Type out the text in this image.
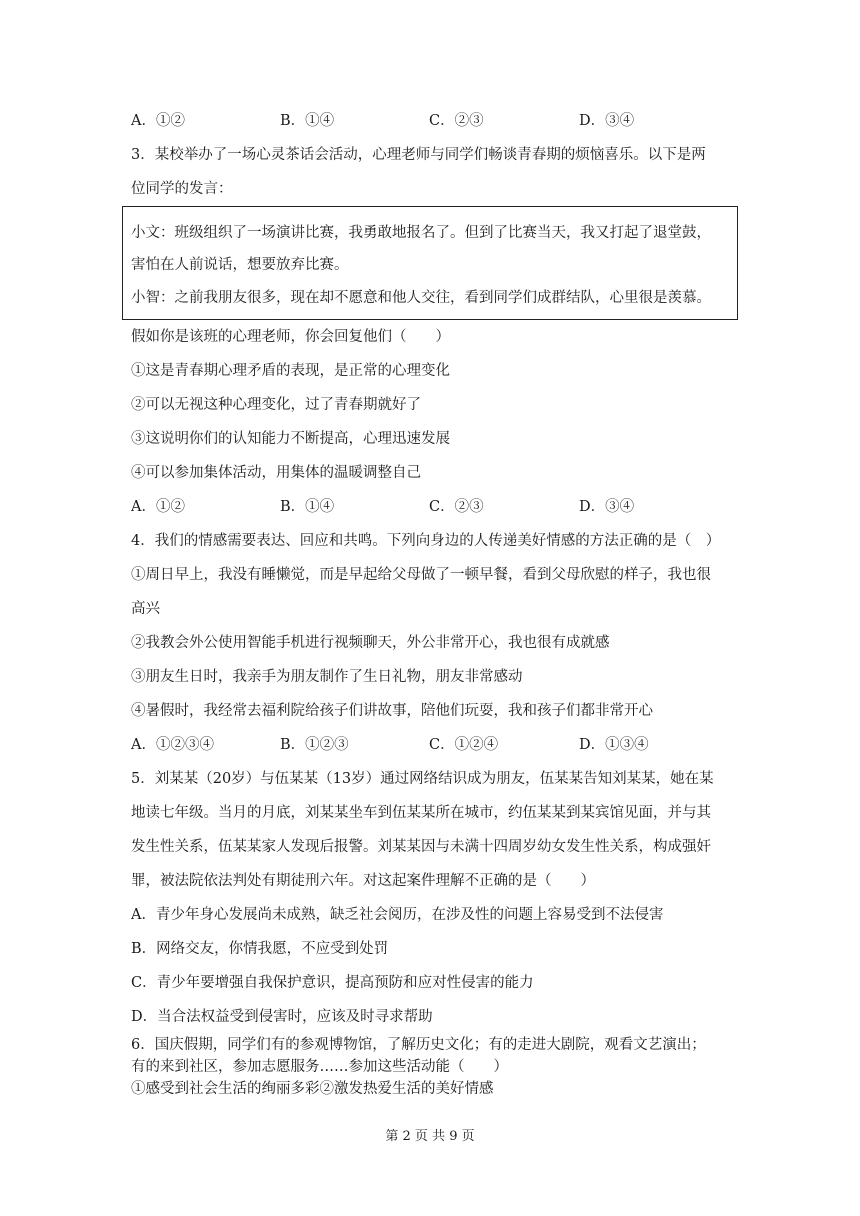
A．①②	B．①④	C．②③	D．③④
3．某校举办了一场心灵茶话会活动，心理老师与同学们畅谈青春期的烦恼喜乐。以下是两
位同学的发言：
小文：班级组织了一场演讲比赛，我勇敢地报名了。但到了比赛当天，我又打起了退堂鼓，
害怕在人前说话，想要放弃比赛。
小智：之前我朋友很多，现在却不愿意和他人交往，看到同学们成群结队，心里很是羡慕。
假如你是该班的心理老师，你会回复他们（　　）
①这是青春期心理矛盾的表现，是正常的心理变化
②可以无视这种心理变化，过了青春期就好了
③这说明你们的认知能力不断提高，心理迅速发展
④可以参加集体活动，用集体的温暖调整自己
A．①②	B．①④	C．②③	D．③④
4．我们的情感需要表达、回应和共鸣。下列向身边的人传递美好情感的方法正确的是（　）
①周日早上，我没有睡懒觉，而是早起给父母做了一顿早餐，看到父母欣慰的样子，我也很
高兴
②我教会外公使用智能手机进行视频聊天，外公非常开心，我也很有成就感
③朋友生日时，我亲手为朋友制作了生日礼物，朋友非常感动
④暑假时，我经常去福利院给孩子们讲故事，陪他们玩耍，我和孩子们都非常开心
A．①②③④	B．①②③	C．①②④	D．①③④
5．刘某某（20岁）与伍某某（13岁）通过网络结识成为朋友，伍某某告知刘某某，她在某
地读七年级。当月的月底，刘某某坐车到伍某某所在城市，约伍某某到某宾馆见面，并与其
发生性关系，伍某某家人发现后报警。刘某某因与未满十四周岁幼女发生性关系，构成强奸
罪，被法院依法判处有期徒刑六年。对这起案件理解不正确的是（　　）
A．青少年身心发展尚未成熟，缺乏社会阅历，在涉及性的问题上容易受到不法侵害
B．网络交友，你情我愿，不应受到处罚
C．青少年要增强自我保护意识，提高预防和应对性侵害的能力
D．当合法权益受到侵害时，应该及时寻求帮助
6．国庆假期，同学们有的参观博物馆，了解历史文化；有的走进大剧院，观看文艺演出；
有的来到社区，参加志愿服务……参加这些活动能（　　）
①感受到社会生活的绚丽多彩②激发热爱生活的美好情感
第 2 页 共 9 页
